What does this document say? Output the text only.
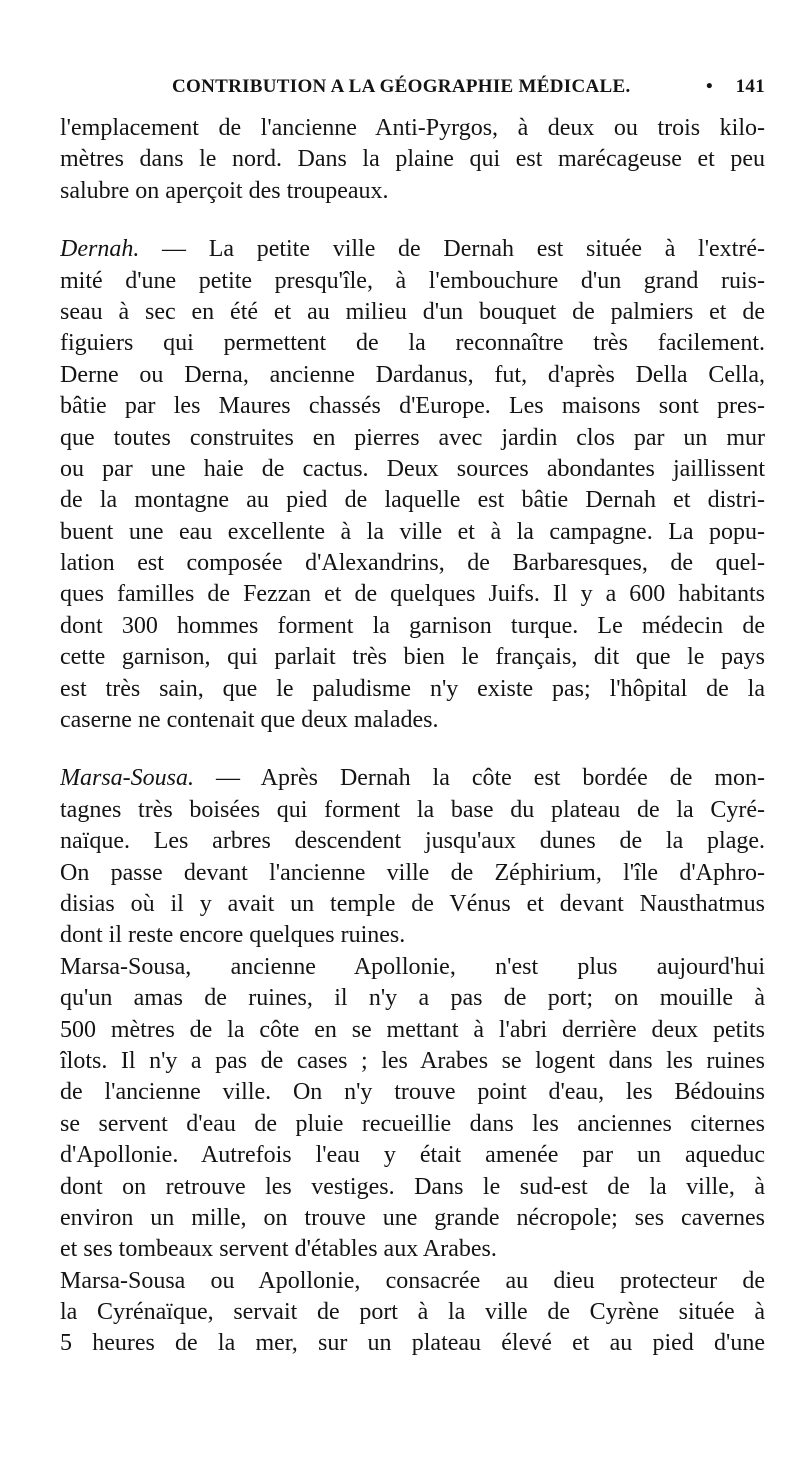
CONTRIBUTION A LA GÉOGRAPHIE MÉDICALE.	• 141
l'emplacement de l'ancienne Anti-Pyrgos, à deux ou trois kilo-
mètres dans le nord. Dans la plaine qui est marécageuse et peu
salubre on aperçoit des troupeaux.
Dernah. — La petite ville de Dernah est située à l'extré-
mité d'une petite presqu'île, à l'embouchure d'un grand ruis-
seau à sec en été et au milieu d'un bouquet de palmiers et de
figuiers qui permettent de la reconnaître très facilement.
Derne ou Derna, ancienne Dardanus, fut, d'après Della Cella,
bâtie par les Maures chassés d'Europe. Les maisons sont pres-
que toutes construites en pierres avec jardin clos par un mur
ou par une haie de cactus. Deux sources abondantes jaillissent
de la montagne au pied de laquelle est bâtie Dernah et distri-
buent une eau excellente à la ville et à la campagne. La popu-
lation est composée d'Alexandrins, de Barbaresques, de quel-
ques familles de Fezzan et de quelques Juifs. Il y a 600 habitants
dont 300 hommes forment la garnison turque. Le médecin de
cette garnison, qui parlait très bien le français, dit que le pays
est très sain, que le paludisme n'y existe pas; l'hôpital de la
caserne ne contenait que deux malades.
Marsa-Sousa. — Après Dernah la côte est bordée de mon-
tagnes très boisées qui forment la base du plateau de la Cyré-
naïque. Les arbres descendent jusqu'aux dunes de la plage.
On passe devant l'ancienne ville de Zéphirium, l'île d'Aphro-
disias où il y avait un temple de Vénus et devant Nausthatmus
dont il reste encore quelques ruines.
Marsa-Sousa, ancienne Apollonie, n'est plus aujourd'hui
qu'un amas de ruines, il n'y a pas de port; on mouille à
500 mètres de la côte en se mettant à l'abri derrière deux petits
îlots. Il n'y a pas de cases ; les Arabes se logent dans les ruines
de l'ancienne ville. On n'y trouve point d'eau, les Bédouins
se servent d'eau de pluie recueillie dans les anciennes citernes
d'Apollonie. Autrefois l'eau y était amenée par un aqueduc
dont on retrouve les vestiges. Dans le sud-est de la ville, à
environ un mille, on trouve une grande nécropole; ses cavernes
et ses tombeaux servent d'étables aux Arabes.
Marsa-Sousa ou Apollonie, consacrée au dieu protecteur de
la Cyrénaïque, servait de port à la ville de Cyrène située à
5 heures de la mer, sur un plateau élevé et au pied d'une
